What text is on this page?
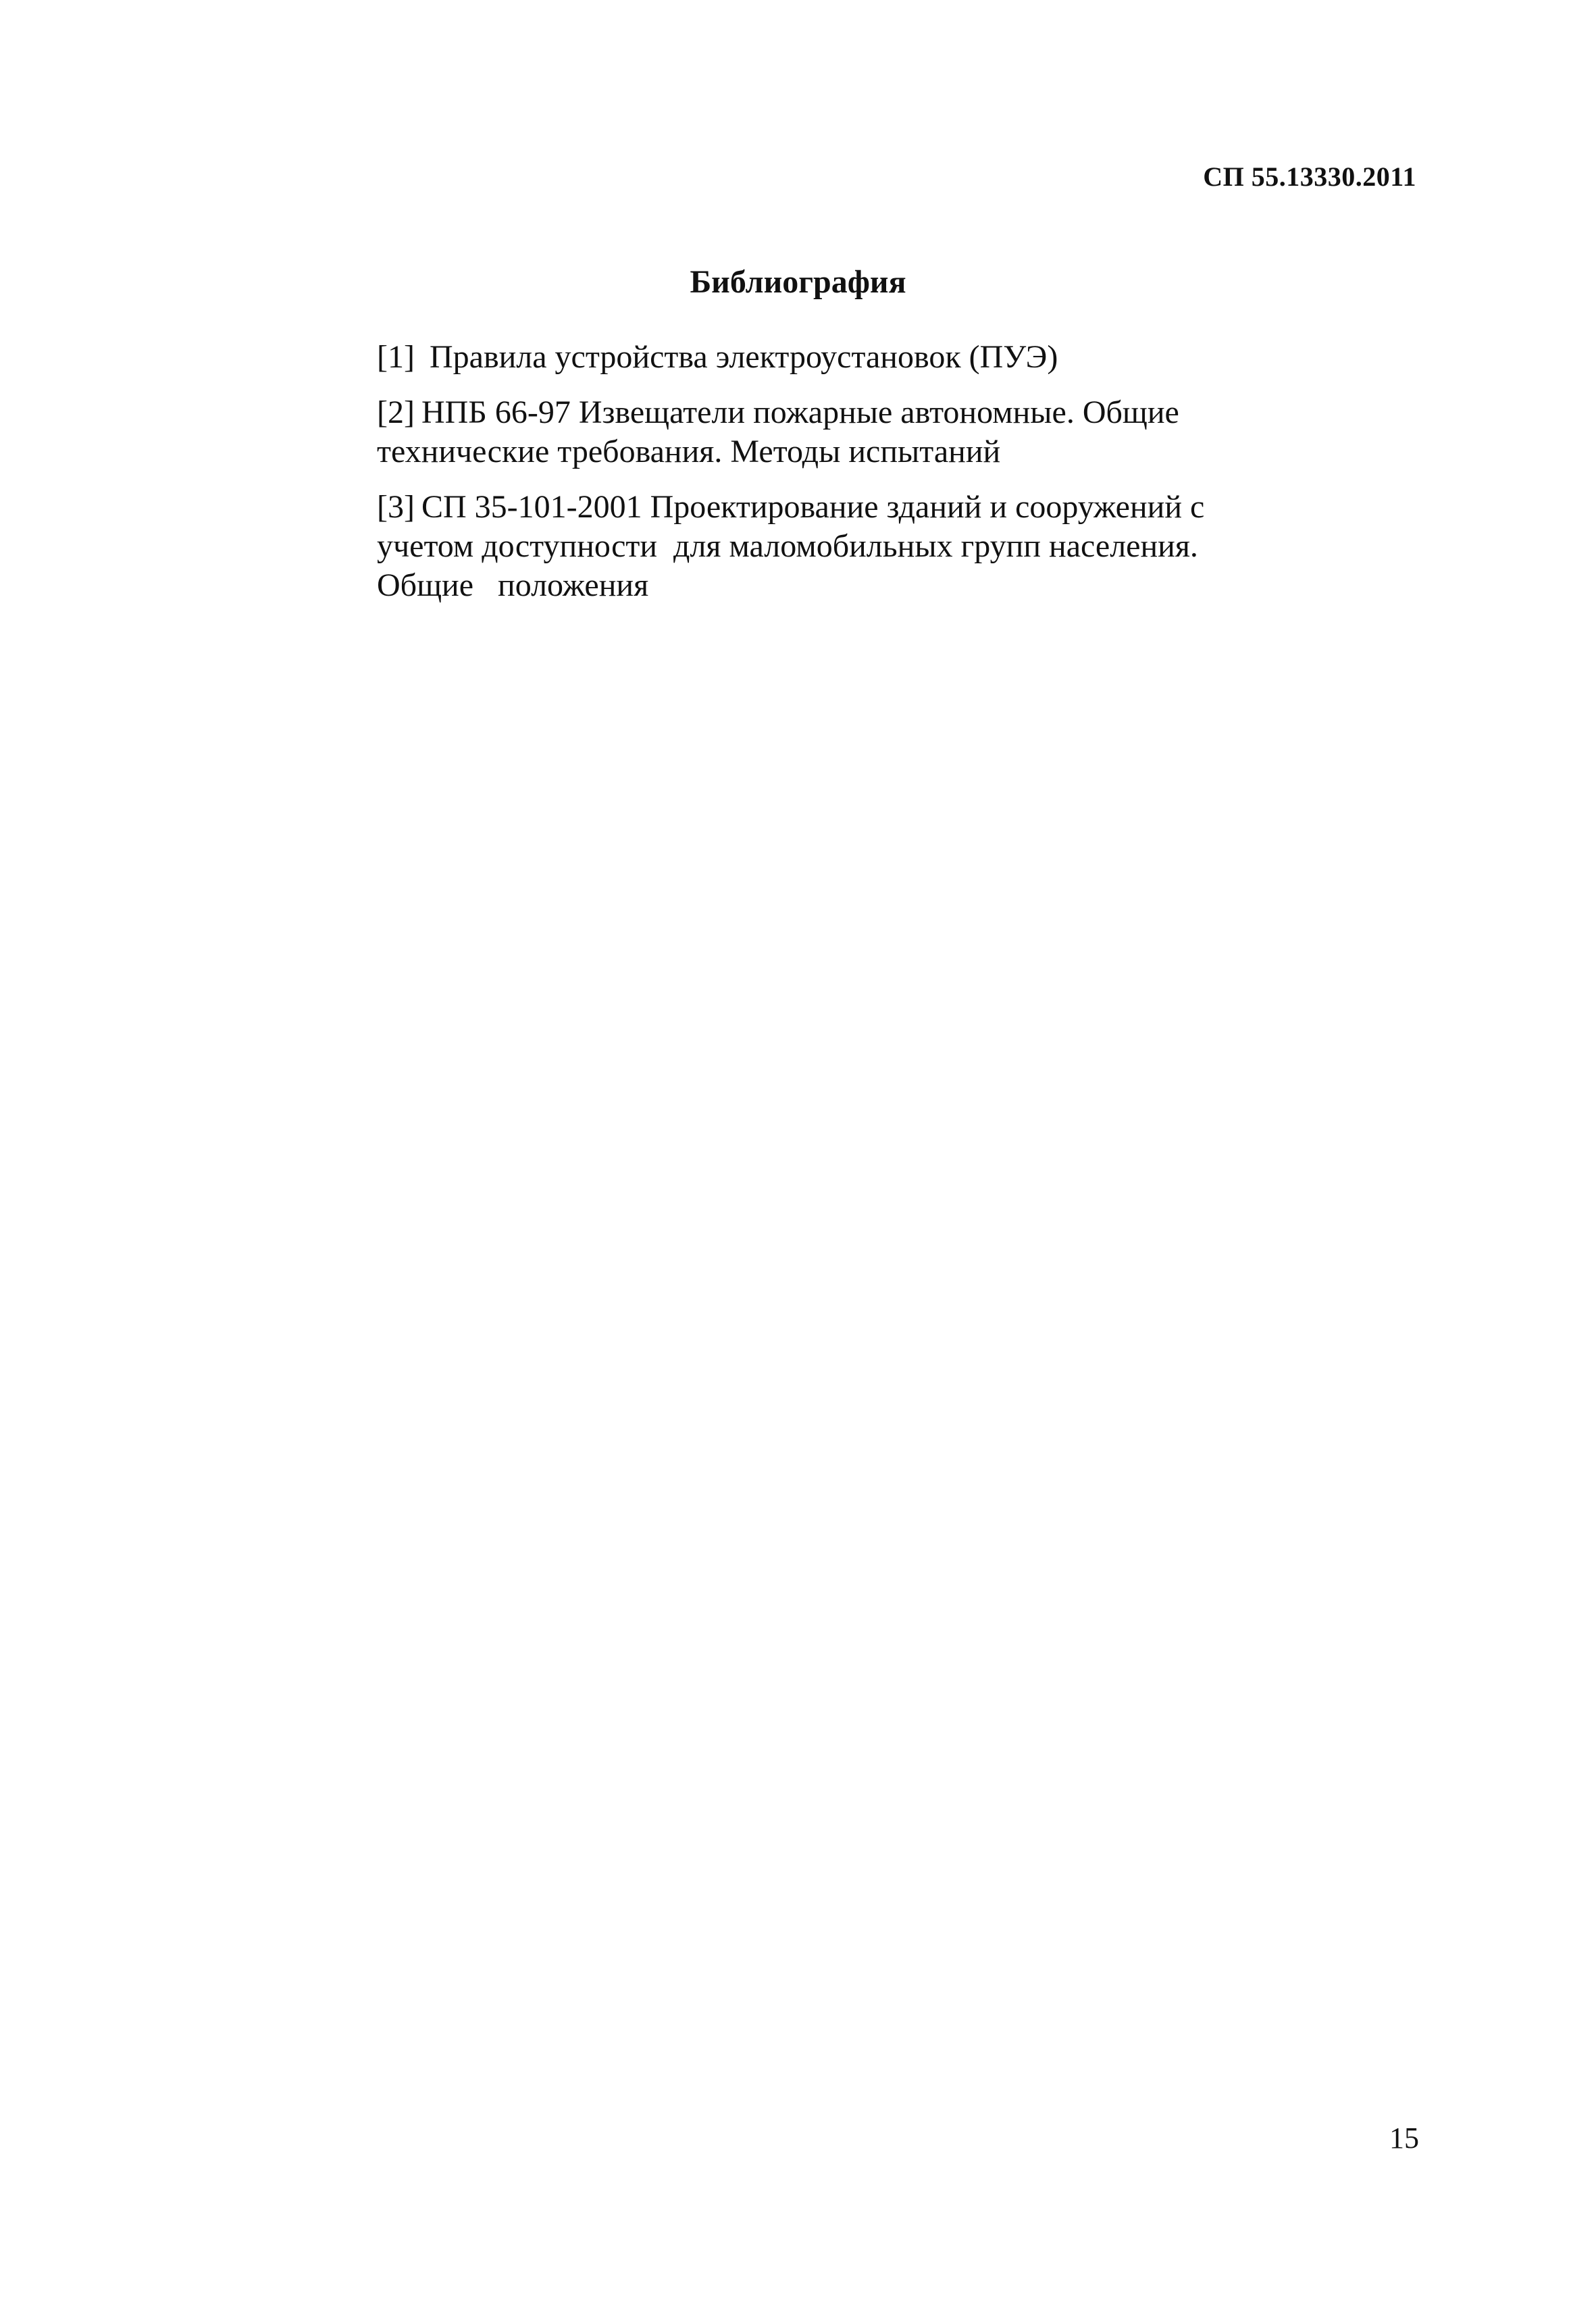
СП 55.13330.2011
Библиография
[1] Правила устройства электроустановок (ПУЭ)
[2] НПБ 66-97 Извещатели пожарные автономные. Общие
технические требования. Методы испытаний
[3] СП 35-101-2001 Проектирование зданий и сооружений с
учетом доступности  для маломобильных групп населения.
Общие   положения
15
